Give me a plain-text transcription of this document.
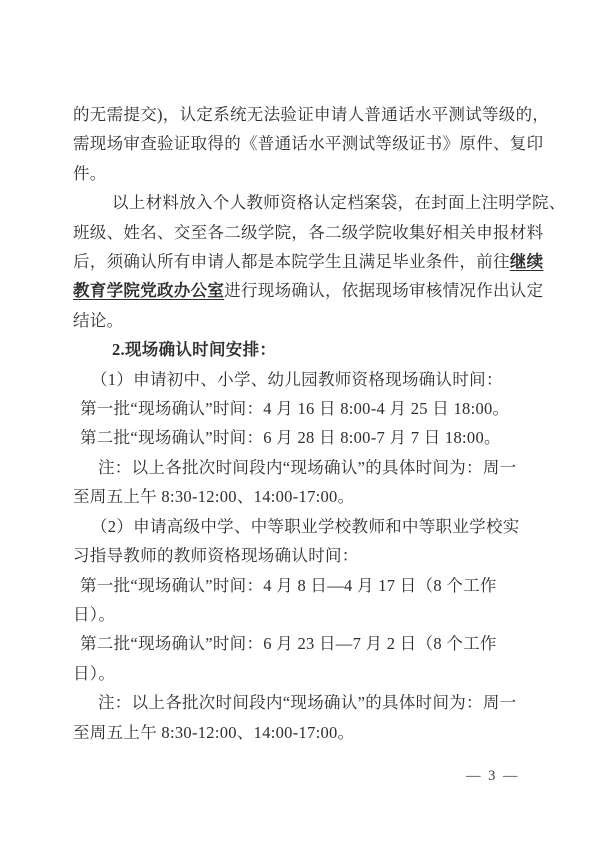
的无需提交)，认定系统无法验证申请人普通话水平测试等级的，
需现场审查验证取得的《普通话水平测试等级证书》原件、复印
件。
以上材料放入个人教师资格认定档案袋，在封面上注明学院、
班级、姓名、交至各二级学院，各二级学院收集好相关申报材料
后，须确认所有申请人都是本院学生且满足毕业条件，前往继续
教育学院党政办公室进行现场确认，依据现场审核情况作出认定
结论。
2.现场确认时间安排：
（1）申请初中、小学、幼儿园教师资格现场确认时间：
第一批“现场确认”时间：4 月 16 日 8:00-4 月 25 日 18:00。
第二批“现场确认”时间：6 月 28 日 8:00-7 月 7 日 18:00。
注：以上各批次时间段内“现场确认”的具体时间为：周一
至周五上午 8:30-12:00、14:00-17:00。
（2）申请高级中学、中等职业学校教师和中等职业学校实
习指导教师的教师资格现场确认时间：
第一批“现场确认”时间：4 月 8 日—4 月 17 日（8 个工作
日）。
第二批“现场确认”时间：6 月 23 日—7 月 2 日（8 个工作
日）。
注：以上各批次时间段内“现场确认”的具体时间为：周一
至周五上午 8:30-12:00、14:00-17:00。
— 3 —
